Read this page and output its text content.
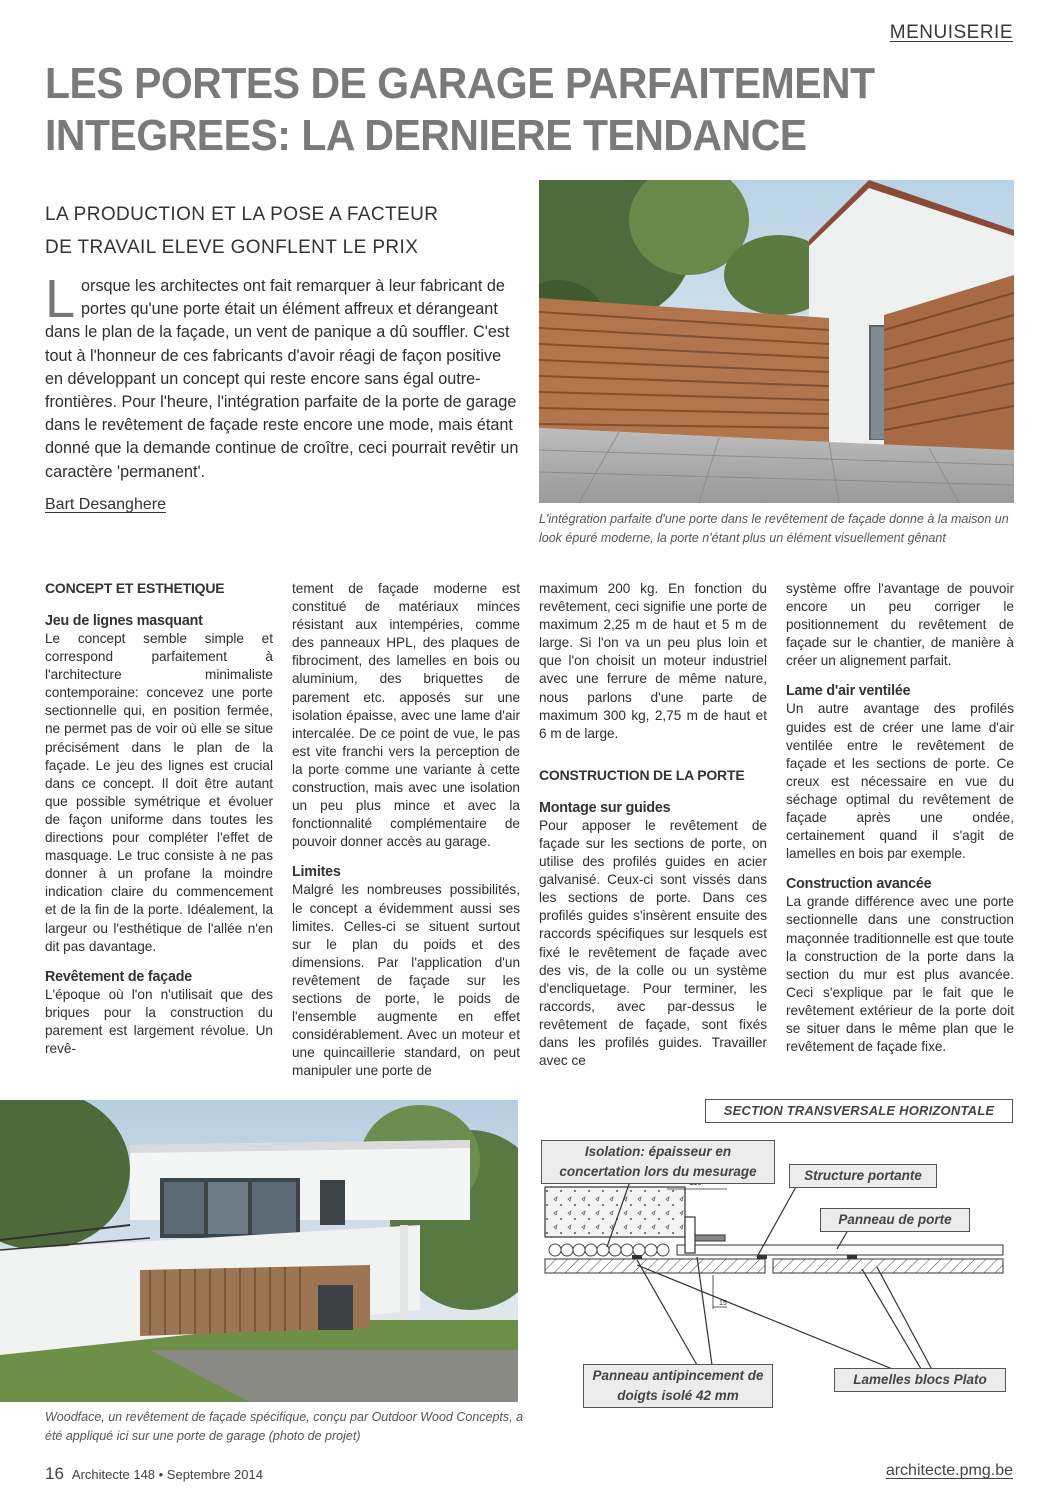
MENUISERIE
LES PORTES DE GARAGE PARFAITEMENT
INTEGREES: LA DERNIERE TENDANCE
LA PRODUCTION ET LA POSE A FACTEUR
DE TRAVAIL ELEVE GONFLENT LE PRIX
Lorsque les architectes ont fait remarquer à leur fabricant de portes qu'une porte était un élément affreux et dérangeant dans le plan de la façade, un vent de panique a dû souffler. C'est tout à l'honneur de ces fabricants d'avoir réagi de façon positive en développant un concept qui reste encore sans égal outre-frontières. Pour l'heure, l'intégration parfaite de la porte de garage dans le revêtement de façade reste encore une mode, mais étant donné que la demande continue de croître, ceci pourrait revêtir un caractère 'permanent'.
Bart Desanghere
L'intégration parfaite d'une porte dans le revêtement de façade donne à la maison un look épuré moderne, la porte n'étant plus un élément visuellement gênant
CONCEPT ET ESTHETIQUE
Jeu de lignes masquant

Le concept semble simple et correspond parfaitement à l'architecture minimaliste contemporaine: concevez une porte sectionnelle qui, en position fermée, ne permet pas de voir où elle se situe précisément dans le plan de la façade. Le jeu des lignes est crucial dans ce concept. Il doit être autant que possible symétrique et évoluer de façon uniforme dans toutes les directions pour compléter l'effet de masquage. Le truc consiste à ne pas donner à un profane la moindre indication claire du commencement et de la fin de la porte. Idéalement, la largeur ou l'esthétique de l'allée n'en dit pas davantage.

Revêtement de façade

L'époque où l'on n'utilisait que des briques pour la construction du parement est largement révolue. Un revê-

tement de façade moderne est constitué de matériaux minces résistant aux intempéries, comme des panneaux HPL, des plaques de fibrociment, des lamelles en bois ou aluminium, des briquettes de parement etc. apposés sur une isolation épaisse, avec une lame d'air intercalée. De ce point de vue, le pas est vite franchi vers la perception de la porte comme une variante à cette construction, mais avec une isolation un peu plus mince et avec la fonctionnalité complémentaire de pouvoir donner accès au garage.

Limites

Malgré les nombreuses possibilités, le concept a évidemment aussi ses limites. Celles-ci se situent surtout sur le plan du poids et des dimensions. Par l'application d'un revêtement de façade sur les sections de porte, le poids de l'ensemble augmente en effet considérablement. Avec un moteur et une quincaillerie standard, on peut manipuler une porte de

maximum 200 kg. En fonction du revêtement, ceci signifie une porte de maximum 2,25 m de haut et 5 m de large. Si l'on va un peu plus loin et que l'on choisit un moteur industriel avec une ferrure de même nature, nous parlons d'une parte de maximum 300 kg, 2,75 m de haut et 6 m de large.

CONSTRUCTION DE LA PORTE
Montage sur guides

Pour apposer le revêtement de façade sur les sections de porte, on utilise des profilés guides en acier galvanisé. Ceux-ci sont vissés dans les sections de porte. Dans ces profilés guides s'insèrent ensuite des raccords spécifiques sur lesquels est fixé le revêtement de façade avec des vis, de la colle ou un système d'encliquetage. Pour terminer, les raccords, avec par-dessus le revêtement de façade, sont fixés dans les profilés guides. Travailler avec ce

système offre l'avantage de pouvoir encore un peu corriger le positionnement du revêtement de façade sur le chantier, de manière à créer un alignement parfait.

Lame d'air ventilée

Un autre avantage des profilés guides est de créer une lame d'air ventilée entre le revêtement de façade et les sections de porte. Ce creux est nécessaire en vue du séchage optimal du revêtement de façade après une ondée, certainement quand il s'agit de lamelles en bois par exemple.

Construction avancée

La grande différence avec une porte sectionnelle dans une construction maçonnée traditionnelle est que toute la construction de la porte dans la section du mur est plus avancée. Ceci s'explique par le fait que le revêtement extérieur de la porte doit se situer dans le même plan que le revêtement de façade fixe.

Woodface, un revêtement de façade spécifique, conçu par Outdoor Wood Concepts, a été appliqué ici sur une porte de garage (photo de projet)
15
SECTION TRANSVERSALE HORIZONTALE
Isolation: épaisseur en concertation lors du mesurage	Structure portante
Panneau de porte
Panneau antipincement de doigts isolé 42 mm
Lamelles blocs Plato
16 Architecte 148 • Septembre 2014	architecte.pmg.be
